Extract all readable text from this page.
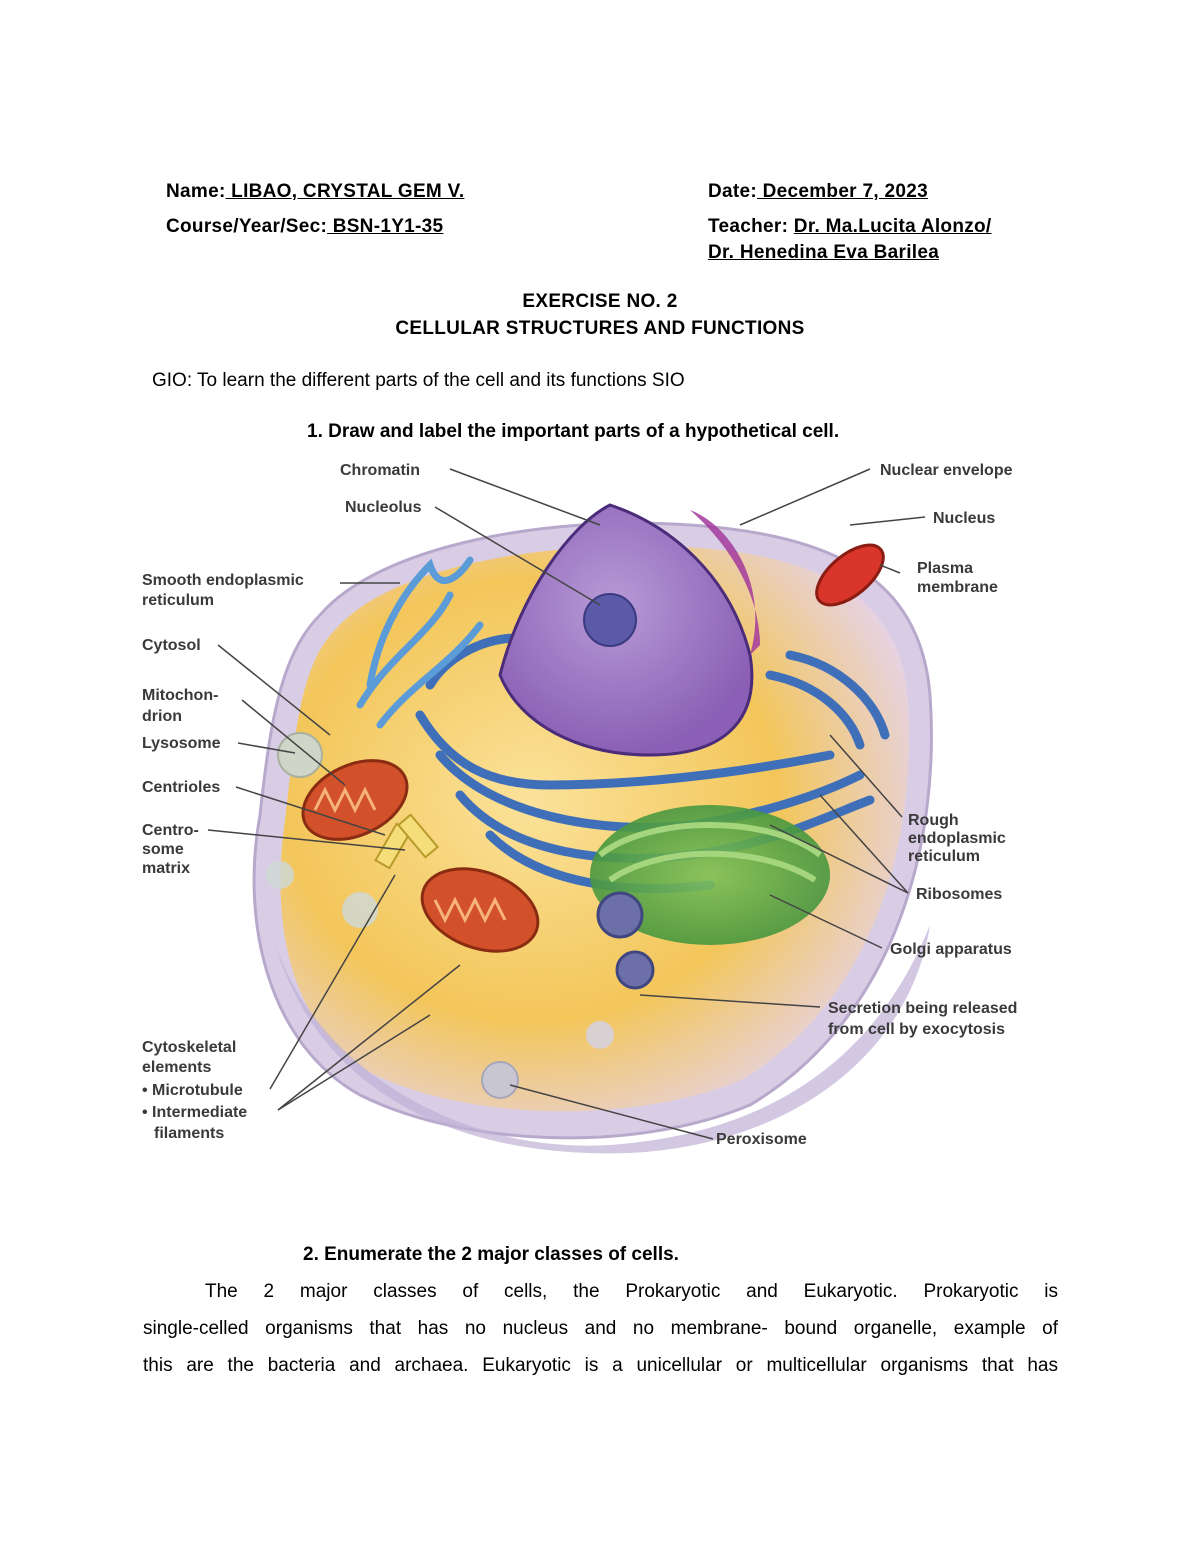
Name: LIBAO, CRYSTAL GEM V.	Date: December 7, 2023
Course/Year/Sec: BSN-1Y1-35	Teacher: Dr. Ma.Lucita Alonzo/
Dr. Henedina Eva Barilea
EXERCISE NO. 2
CELLULAR STRUCTURES AND FUNCTIONS
GIO: To learn the different parts of the cell and its functions SIO
1. Draw and label the important parts of a hypothetical cell.
Chromatin
Nucleolus
Smooth endoplasmic
reticulum
Cytosol
Mitochon-
drion
Lysosome
Centrioles
Centro-
some
matrix
Cytoskeletal
elements
• Microtubule
• Intermediate
filaments
Nuclear envelope
Nucleus
Plasma
membrane
Rough
endoplasmic
reticulum
Ribosomes
Golgi apparatus
Secretion being released
from cell by exocytosis
Peroxisome
2. Enumerate the 2 major classes of cells.
The 2 major classes of cells, the Prokaryotic and Eukaryotic. Prokaryotic is
single-celled organisms that has no nucleus and no membrane- bound organelle, example of
this are the bacteria and archaea. Eukaryotic is a unicellular or multicellular organisms that has
